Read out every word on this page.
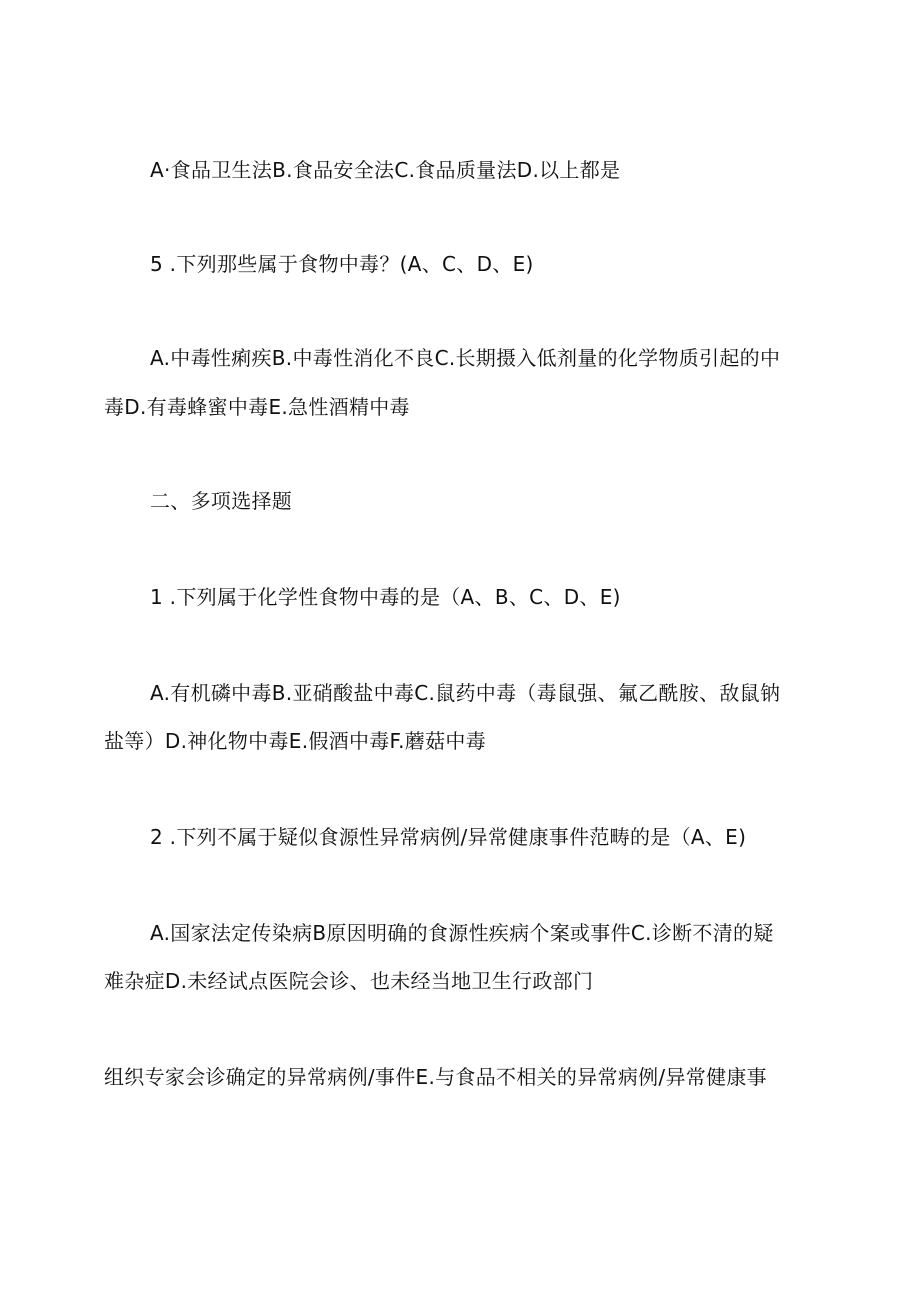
A·食品卫生法B.食品安全法C.食品质量法D.以上都是
5 .下列那些属于食物中毒？(A、C、D、E)
A.中毒性痢疾B.中毒性消化不良C.长期摄入低剂量的化学物质引起的中
毒D.有毒蜂蜜中毒E.急性酒精中毒
二、多项选择题
1 .下列属于化学性食物中毒的是（A、B、C、D、E)
A.有机磷中毒B.亚硝酸盐中毒C.鼠药中毒（毒鼠强、氟乙酰胺、敌鼠钠
盐等）D.神化物中毒E.假酒中毒F.蘑菇中毒
2 .下列不属于疑似食源性异常病例/异常健康事件范畴的是（A、E)
A.国家法定传染病B原因明确的食源性疾病个案或事件C.诊断不清的疑
难杂症D.未经试点医院会诊、也未经当地卫生行政部门
组织专家会诊确定的异常病例/事件E.与食品不相关的异常病例/异常健康事
